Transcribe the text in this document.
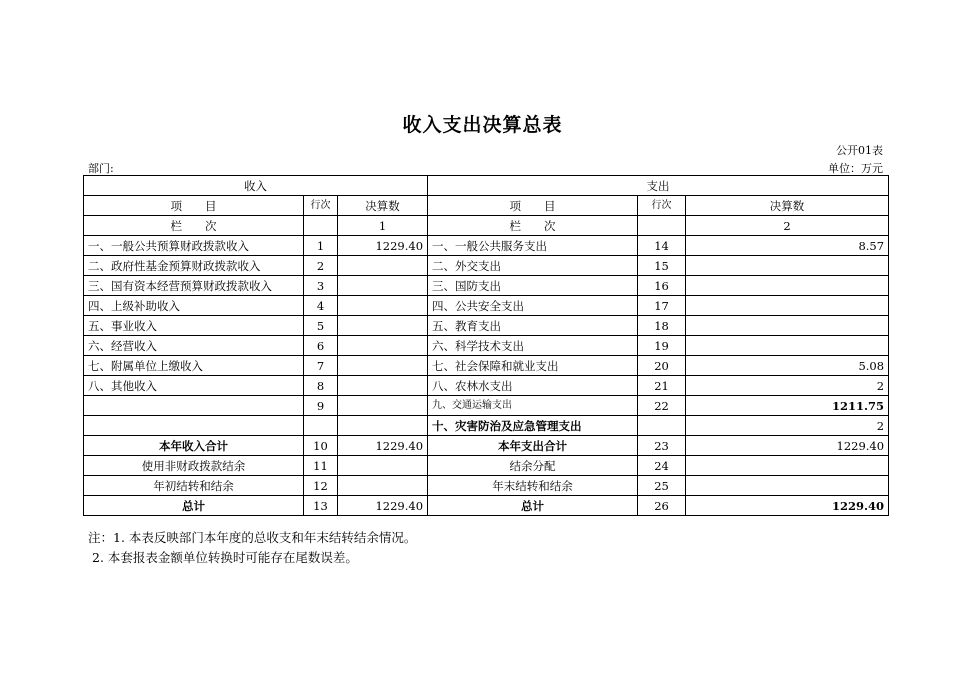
收入支出决算总表
公开01表
部门:	单位：万元
收入			支出		
项　　目	行次	决算数	项　　目	行次	决算数
栏　　次		1	栏　　次		2
一、一般公共预算财政拨款收入	1	1229.40	一、一般公共服务支出	14	8.57
二、政府性基金预算财政拨款收入	2		二、外交支出	15	
三、国有资本经营预算财政拨款收入	3		三、国防支出	16	
四、上级补助收入	4		四、公共安全支出	17	
五、事业收入	5		五、教育支出	18	
六、经营收入	6		六、科学技术支出	19	
七、附属单位上缴收入	7		七、社会保障和就业支出	20	5.08
八、其他收入	8		八、农林水支出	21	2
	9		九、交通运输支出	22	1211.75
			十、灾害防治及应急管理支出		2
本年收入合计	10	1229.40	本年支出合计	23	1229.40
使用非财政拨款结余	11		结余分配	24	
年初结转和结余	12		年末结转和结余	25	
总计	13	1229.40	总计	26	1229.40
注：1. 本表反映部门本年度的总收支和年末结转结余情况。
2. 本套报表金额单位转换时可能存在尾数误差。
